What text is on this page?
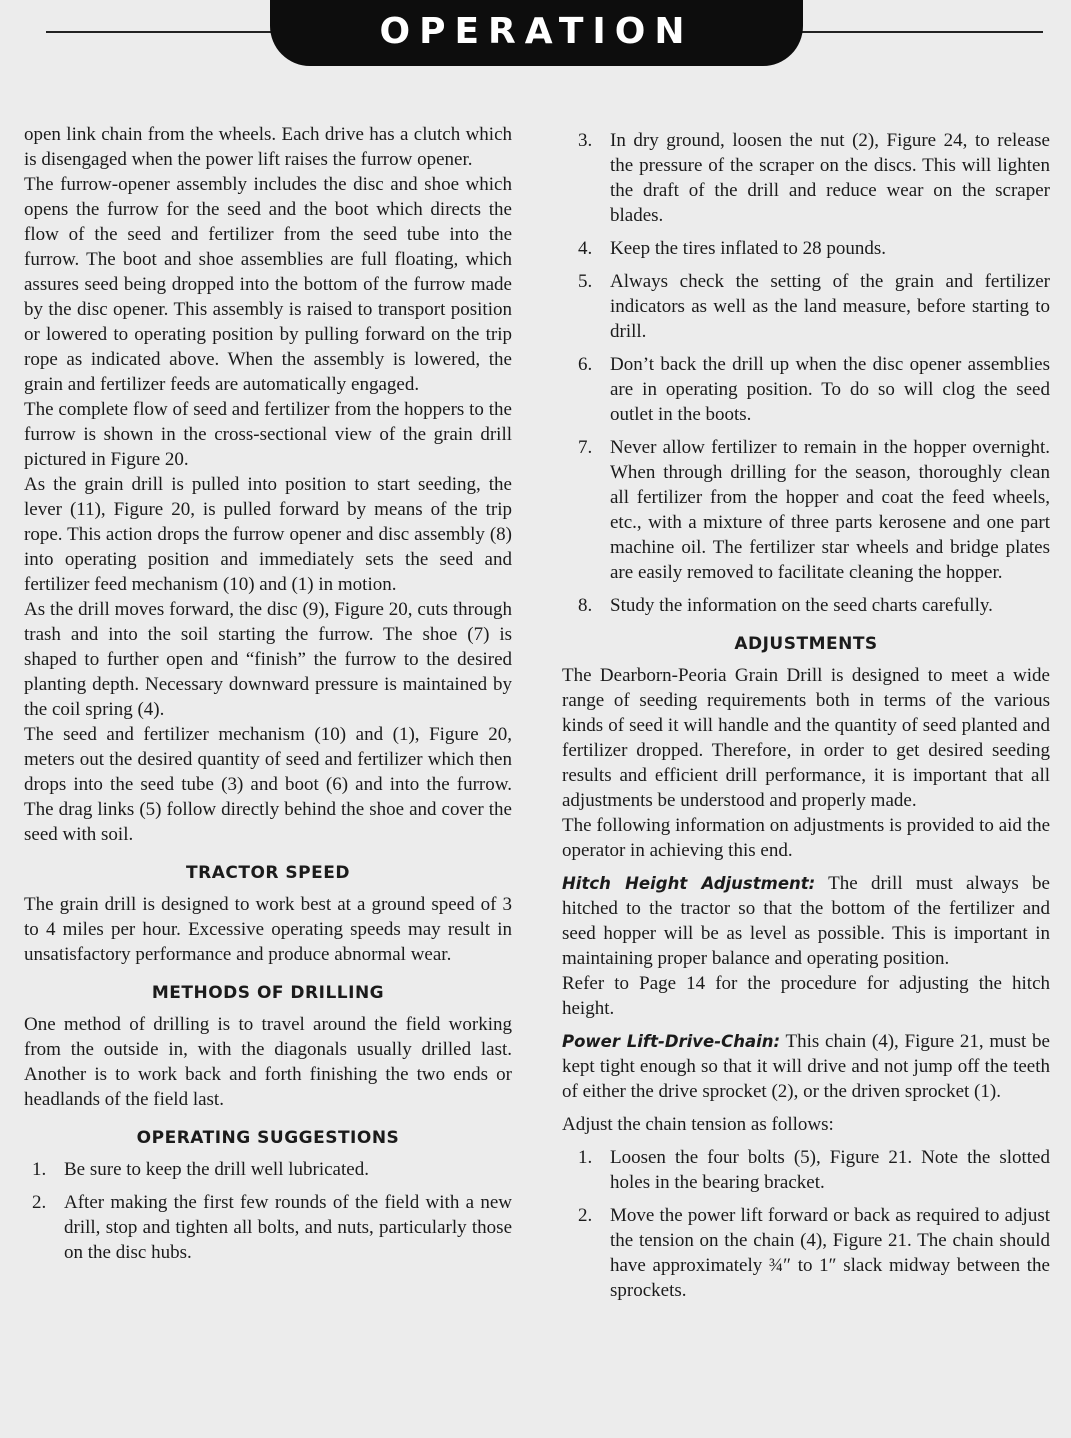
OPERATION

open link chain from the wheels. Each drive has a clutch which is disengaged when the power lift raises the furrow opener.

The furrow-opener assembly includes the disc and shoe which opens the furrow for the seed and the boot which directs the flow of the seed and fertilizer from the seed tube into the furrow. The boot and shoe assemblies are full floating, which assures seed being dropped into the bottom of the furrow made by the disc opener. This assembly is raised to transport position or lowered to operating position by pulling forward on the trip rope as indicated above. When the assembly is lowered, the grain and fertilizer feeds are automatically engaged.

The complete flow of seed and fertilizer from the hoppers to the furrow is shown in the cross-sectional view of the grain drill pictured in Figure 20.

As the grain drill is pulled into position to start seeding, the lever (11), Figure 20, is pulled forward by means of the trip rope. This action drops the furrow opener and disc assembly (8) into operating position and immediately sets the seed and fertilizer feed mechanism (10) and (1) in motion.

As the drill moves forward, the disc (9), Figure 20, cuts through trash and into the soil starting the furrow. The shoe (7) is shaped to further open and “finish” the furrow to the desired planting depth. Necessary downward pressure is maintained by the coil spring (4).

The seed and fertilizer mechanism (10) and (1), Figure 20, meters out the desired quantity of seed and fertilizer which then drops into the seed tube (3) and boot (6) and into the furrow. The drag links (5) follow directly behind the shoe and cover the seed with soil.

TRACTOR SPEED

The grain drill is designed to work best at a ground speed of 3 to 4 miles per hour. Excessive operating speeds may result in unsatisfactory performance and produce abnormal wear.

METHODS OF DRILLING

One method of drilling is to travel around the field working from the outside in, with the diagonals usually drilled last. Another is to work back and forth finishing the two ends or headlands of the field last.

OPERATING SUGGESTIONS
1. Be sure to keep the drill well lubricated.
2. After making the first few rounds of the field with a new drill, stop and tighten all bolts, and nuts, particularly those on the disc hubs.
3. In dry ground, loosen the nut (2), Figure 24, to release the pressure of the scraper on the discs. This will lighten the draft of the drill and reduce wear on the scraper blades.
4. Keep the tires inflated to 28 pounds.
5. Always check the setting of the grain and fertilizer indicators as well as the land measure, before starting to drill.
6. Don’t back the drill up when the disc opener assemblies are in operating position. To do so will clog the seed outlet in the boots.
7. Never allow fertilizer to remain in the hopper overnight. When through drilling for the season, thoroughly clean all fertilizer from the hopper and coat the feed wheels, etc., with a mixture of three parts kerosene and one part machine oil. The fertilizer star wheels and bridge plates are easily removed to facilitate cleaning the hopper.
8. Study the information on the seed charts carefully.
ADJUSTMENTS

The Dearborn-Peoria Grain Drill is designed to meet a wide range of seeding requirements both in terms of the various kinds of seed it will handle and the quantity of seed planted and fertilizer dropped. Therefore, in order to get desired seeding results and efficient drill performance, it is important that all adjustments be understood and properly made.

The following information on adjustments is provided to aid the operator in achieving this end.

Hitch Height Adjustment: The drill must always be hitched to the tractor so that the bottom of the fertilizer and seed hopper will be as level as possible. This is important in maintaining proper balance and operating position.

Refer to Page 14 for the procedure for adjusting the hitch height.

Power Lift-Drive-Chain: This chain (4), Figure 21, must be kept tight enough so that it will drive and not jump off the teeth of either the drive sprocket (2), or the driven sprocket (1).

Adjust the chain tension as follows:

1. Loosen the four bolts (5), Figure 21. Note the slotted holes in the bearing bracket.
2. Move the power lift forward or back as required to adjust the tension on the chain (4), Figure 21. The chain should have approximately ¾″ to 1″ slack midway between the sprockets.
